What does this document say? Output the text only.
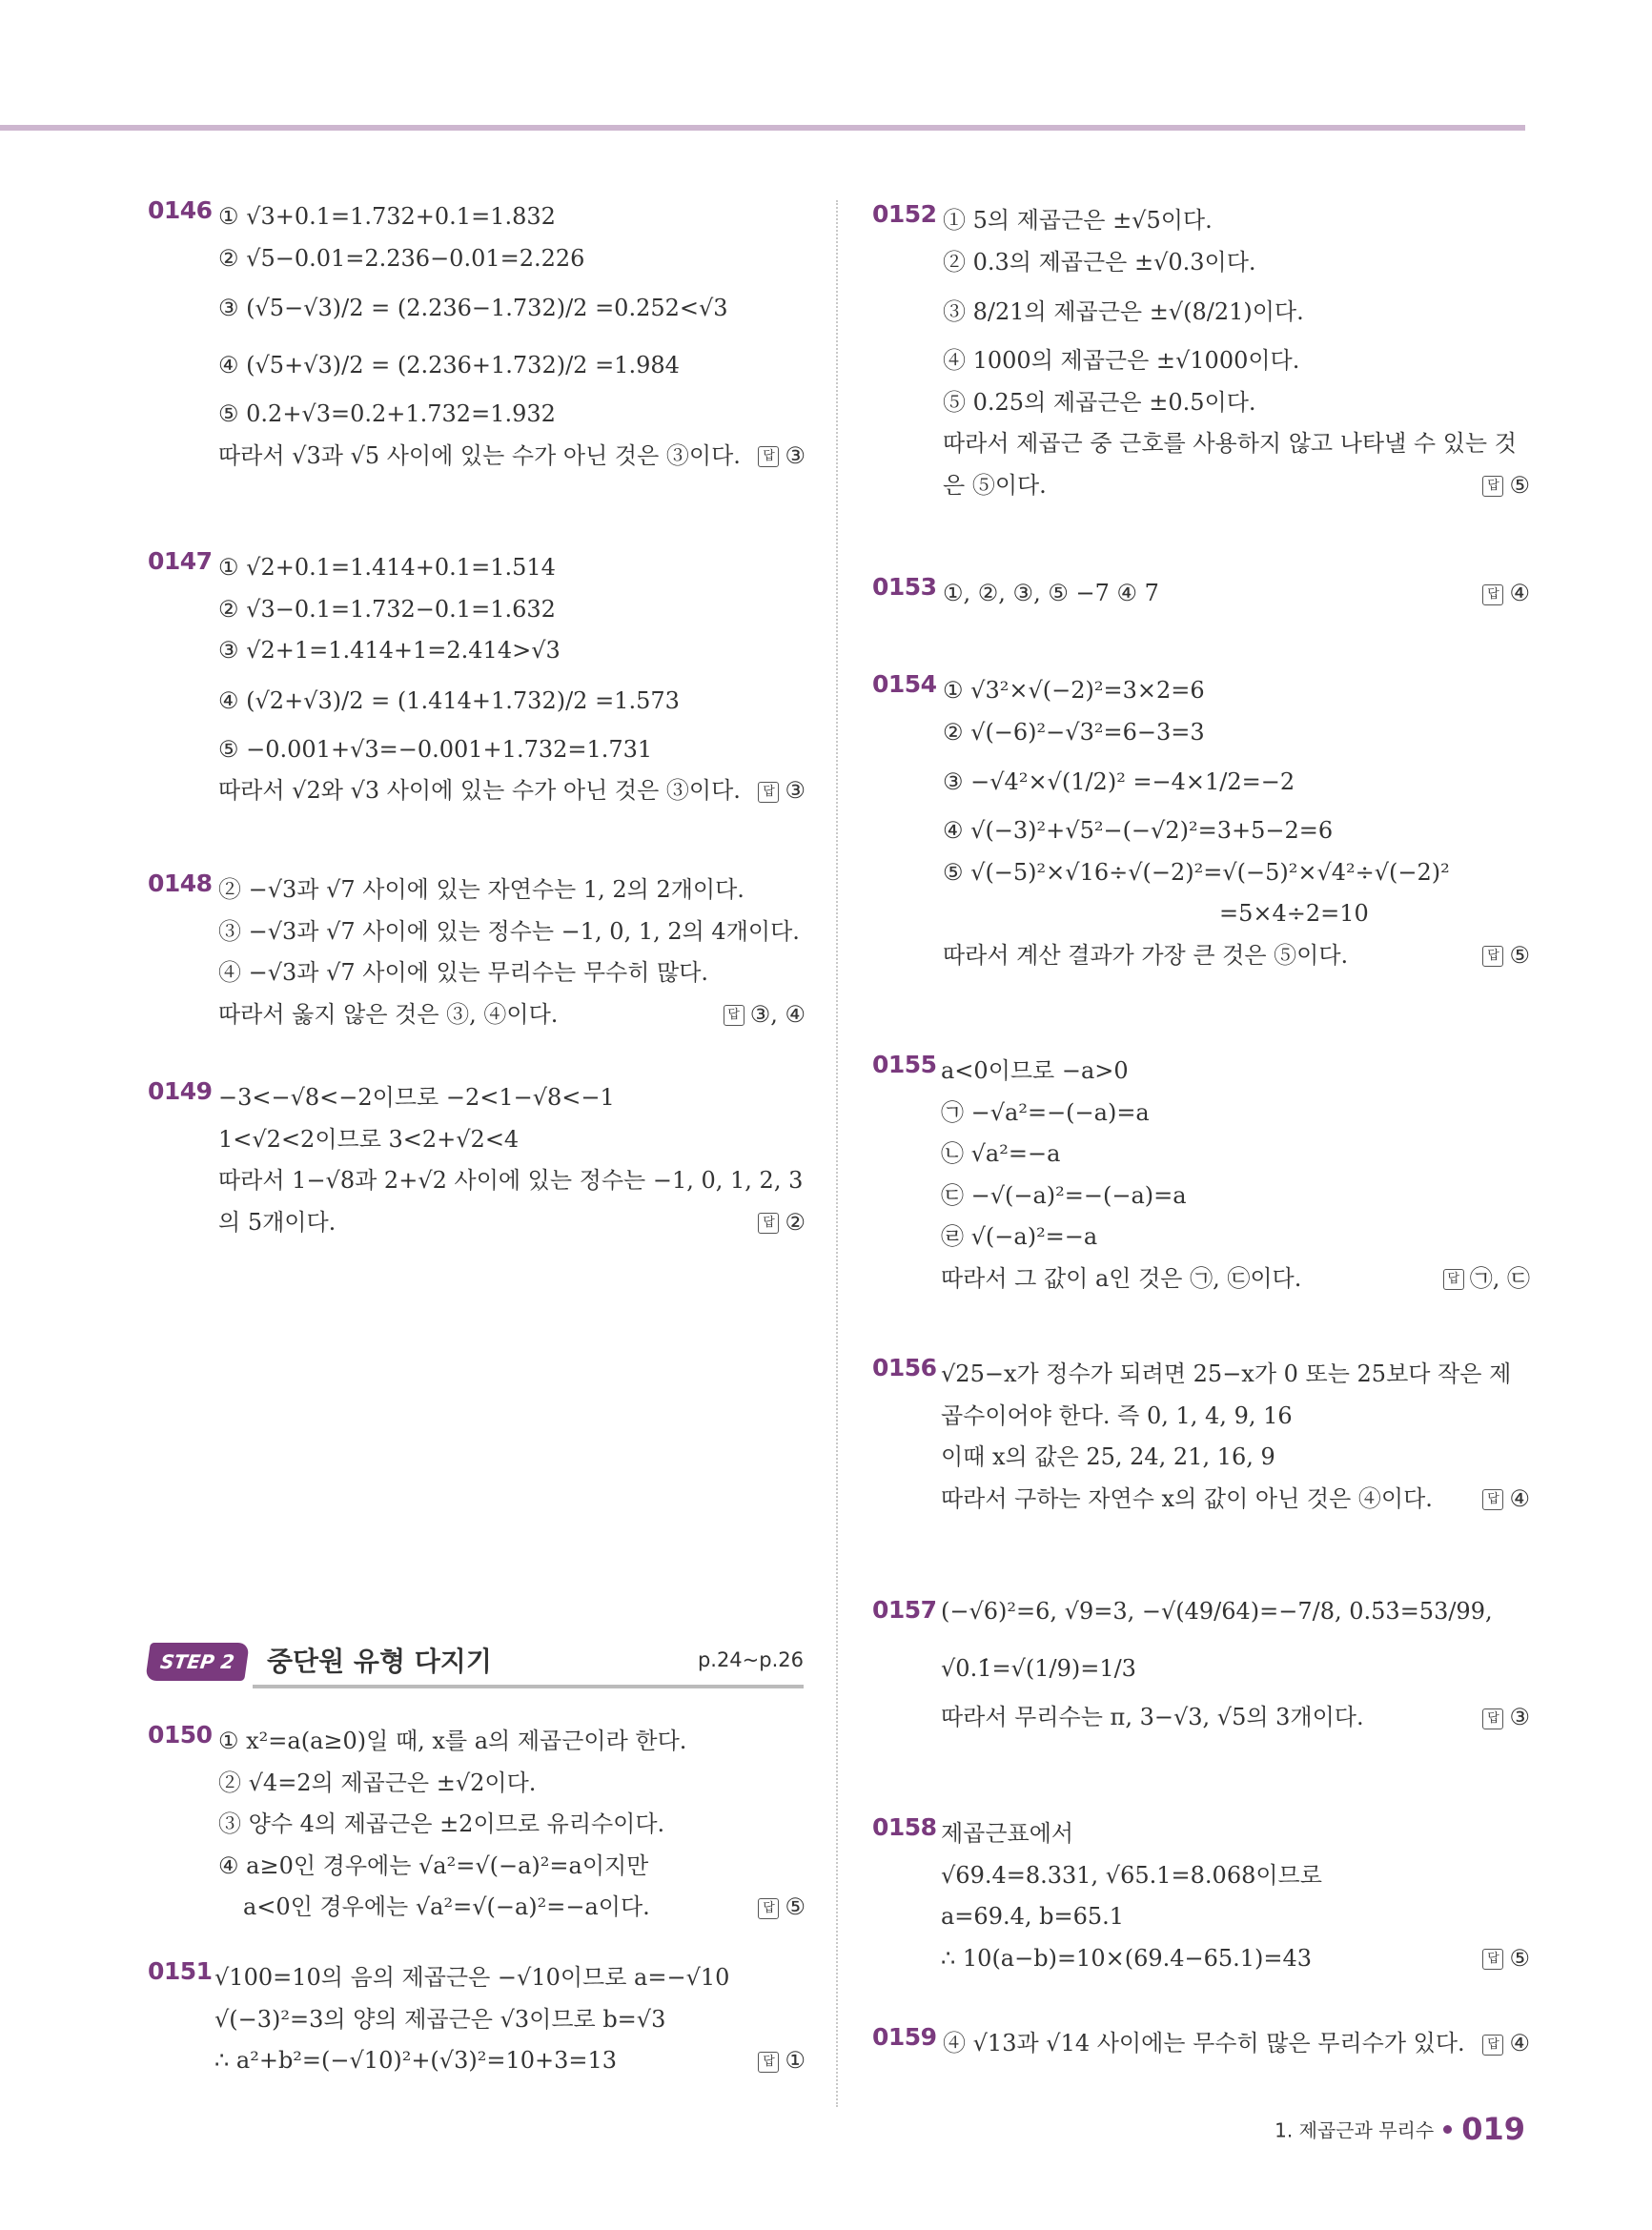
0146 ① √3+0.1=1.732+0.1=1.832
② √5−0.01=2.236−0.01=2.226
③ (√5−√3)/2 = (2.236−1.732)/2 =0.252<√3
④ (√5+√3)/2 = (2.236+1.732)/2 =1.984
⑤ 0.2+√3=0.2+1.732=1.932
따라서 √3과 √5 사이에 있는 수가 아닌 것은 ③이다.	답 ③
0147 ① √2+0.1=1.414+0.1=1.514
② √3−0.1=1.732−0.1=1.632
③ √2+1=1.414+1=2.414>√3
④ (√2+√3)/2 = (1.414+1.732)/2 =1.573
⑤ −0.001+√3=−0.001+1.732=1.731
따라서 √2와 √3 사이에 있는 수가 아닌 것은 ③이다.	답 ③
0148 ② −√3과 √7 사이에 있는 자연수는 1, 2의 2개이다.
③ −√3과 √7 사이에 있는 정수는 −1, 0, 1, 2의 4개이다.
④ −√3과 √7 사이에 있는 무리수는 무수히 많다.
따라서 옳지 않은 것은 ③, ④이다.	답 ③, ④
0149 −3<−√8<−2이므로 −2<1−√8<−1
1<√2<2이므로 3<2+√2<4
따라서 1−√8과 2+√2 사이에 있는 정수는 −1, 0, 1, 2, 3
의 5개이다.	답 ②
0150 ① x²=a(a≥0)일 때, x를 a의 제곱근이라 한다.
② √4=2의 제곱근은 ±√2이다.
③ 양수 4의 제곱근은 ±2이므로 유리수이다.
④ a≥0인 경우에는 √a²=√(−a)²=a이지만
a<0인 경우에는 √a²=√(−a)²=−a이다.	답 ⑤
0151 √100=10의 음의 제곱근은 −√10이므로 a=−√10
√(−3)²=3의 양의 제곱근은 √3이므로 b=√3
∴ a²+b²=(−√10)²+(√3)²=10+3=13	답 ①
STEP 2	중단원 유형 다지기	p.24~p.26
0152 ① 5의 제곱근은 ±√5이다.
② 0.3의 제곱근은 ±√0.3이다.
③ 8/21의 제곱근은 ±√(8/21)이다.
④ 1000의 제곱근은 ±√1000이다.
⑤ 0.25의 제곱근은 ±0.5이다.
따라서 제곱근 중 근호를 사용하지 않고 나타낼 수 있는 것
은 ⑤이다.	답 ⑤
0153 ①, ②, ③, ⑤ −7 ④ 7	답 ④
0154 ① √3²×√(−2)²=3×2=6
② √(−6)²−√3²=6−3=3
③ −√4²×√(1/2)² =−4×1/2=−2
④ √(−3)²+√5²−(−√2)²=3+5−2=6
⑤ √(−5)²×√16÷√(−2)²=√(−5)²×√4²÷√(−2)²
=5×4÷2=10
따라서 계산 결과가 가장 큰 것은 ⑤이다.	답 ⑤
0155 a<0이므로 −a>0
㉠ −√a²=−(−a)=a
㉡ √a²=−a
㉢ −√(−a)²=−(−a)=a
㉣ √(−a)²=−a
따라서 그 값이 a인 것은 ㉠, ㉢이다.	답 ㉠, ㉢
0156 √25−x가 정수가 되려면 25−x가 0 또는 25보다 작은 제
곱수이어야 한다. 즉 0, 1, 4, 9, 16
이때 x의 값은 25, 24, 21, 16, 9
따라서 구하는 자연수 x의 값이 아닌 것은 ④이다.	답 ④
0157 (−√6)²=6, √9=3, −√(49/64)=−7/8, 0.5̇3̇=53/99,
√0.1̇=√(1/9)=1/3
따라서 무리수는 π, 3−√3, √5의 3개이다.	답 ③
0158 제곱근표에서
√69.4=8.331, √65.1=8.068이므로
a=69.4, b=65.1
∴ 10(a−b)=10×(69.4−65.1)=43	답 ⑤
0159 ④ √13과 √14 사이에는 무수히 많은 무리수가 있다.	답 ④
1. 제곱근과 무리수 019
